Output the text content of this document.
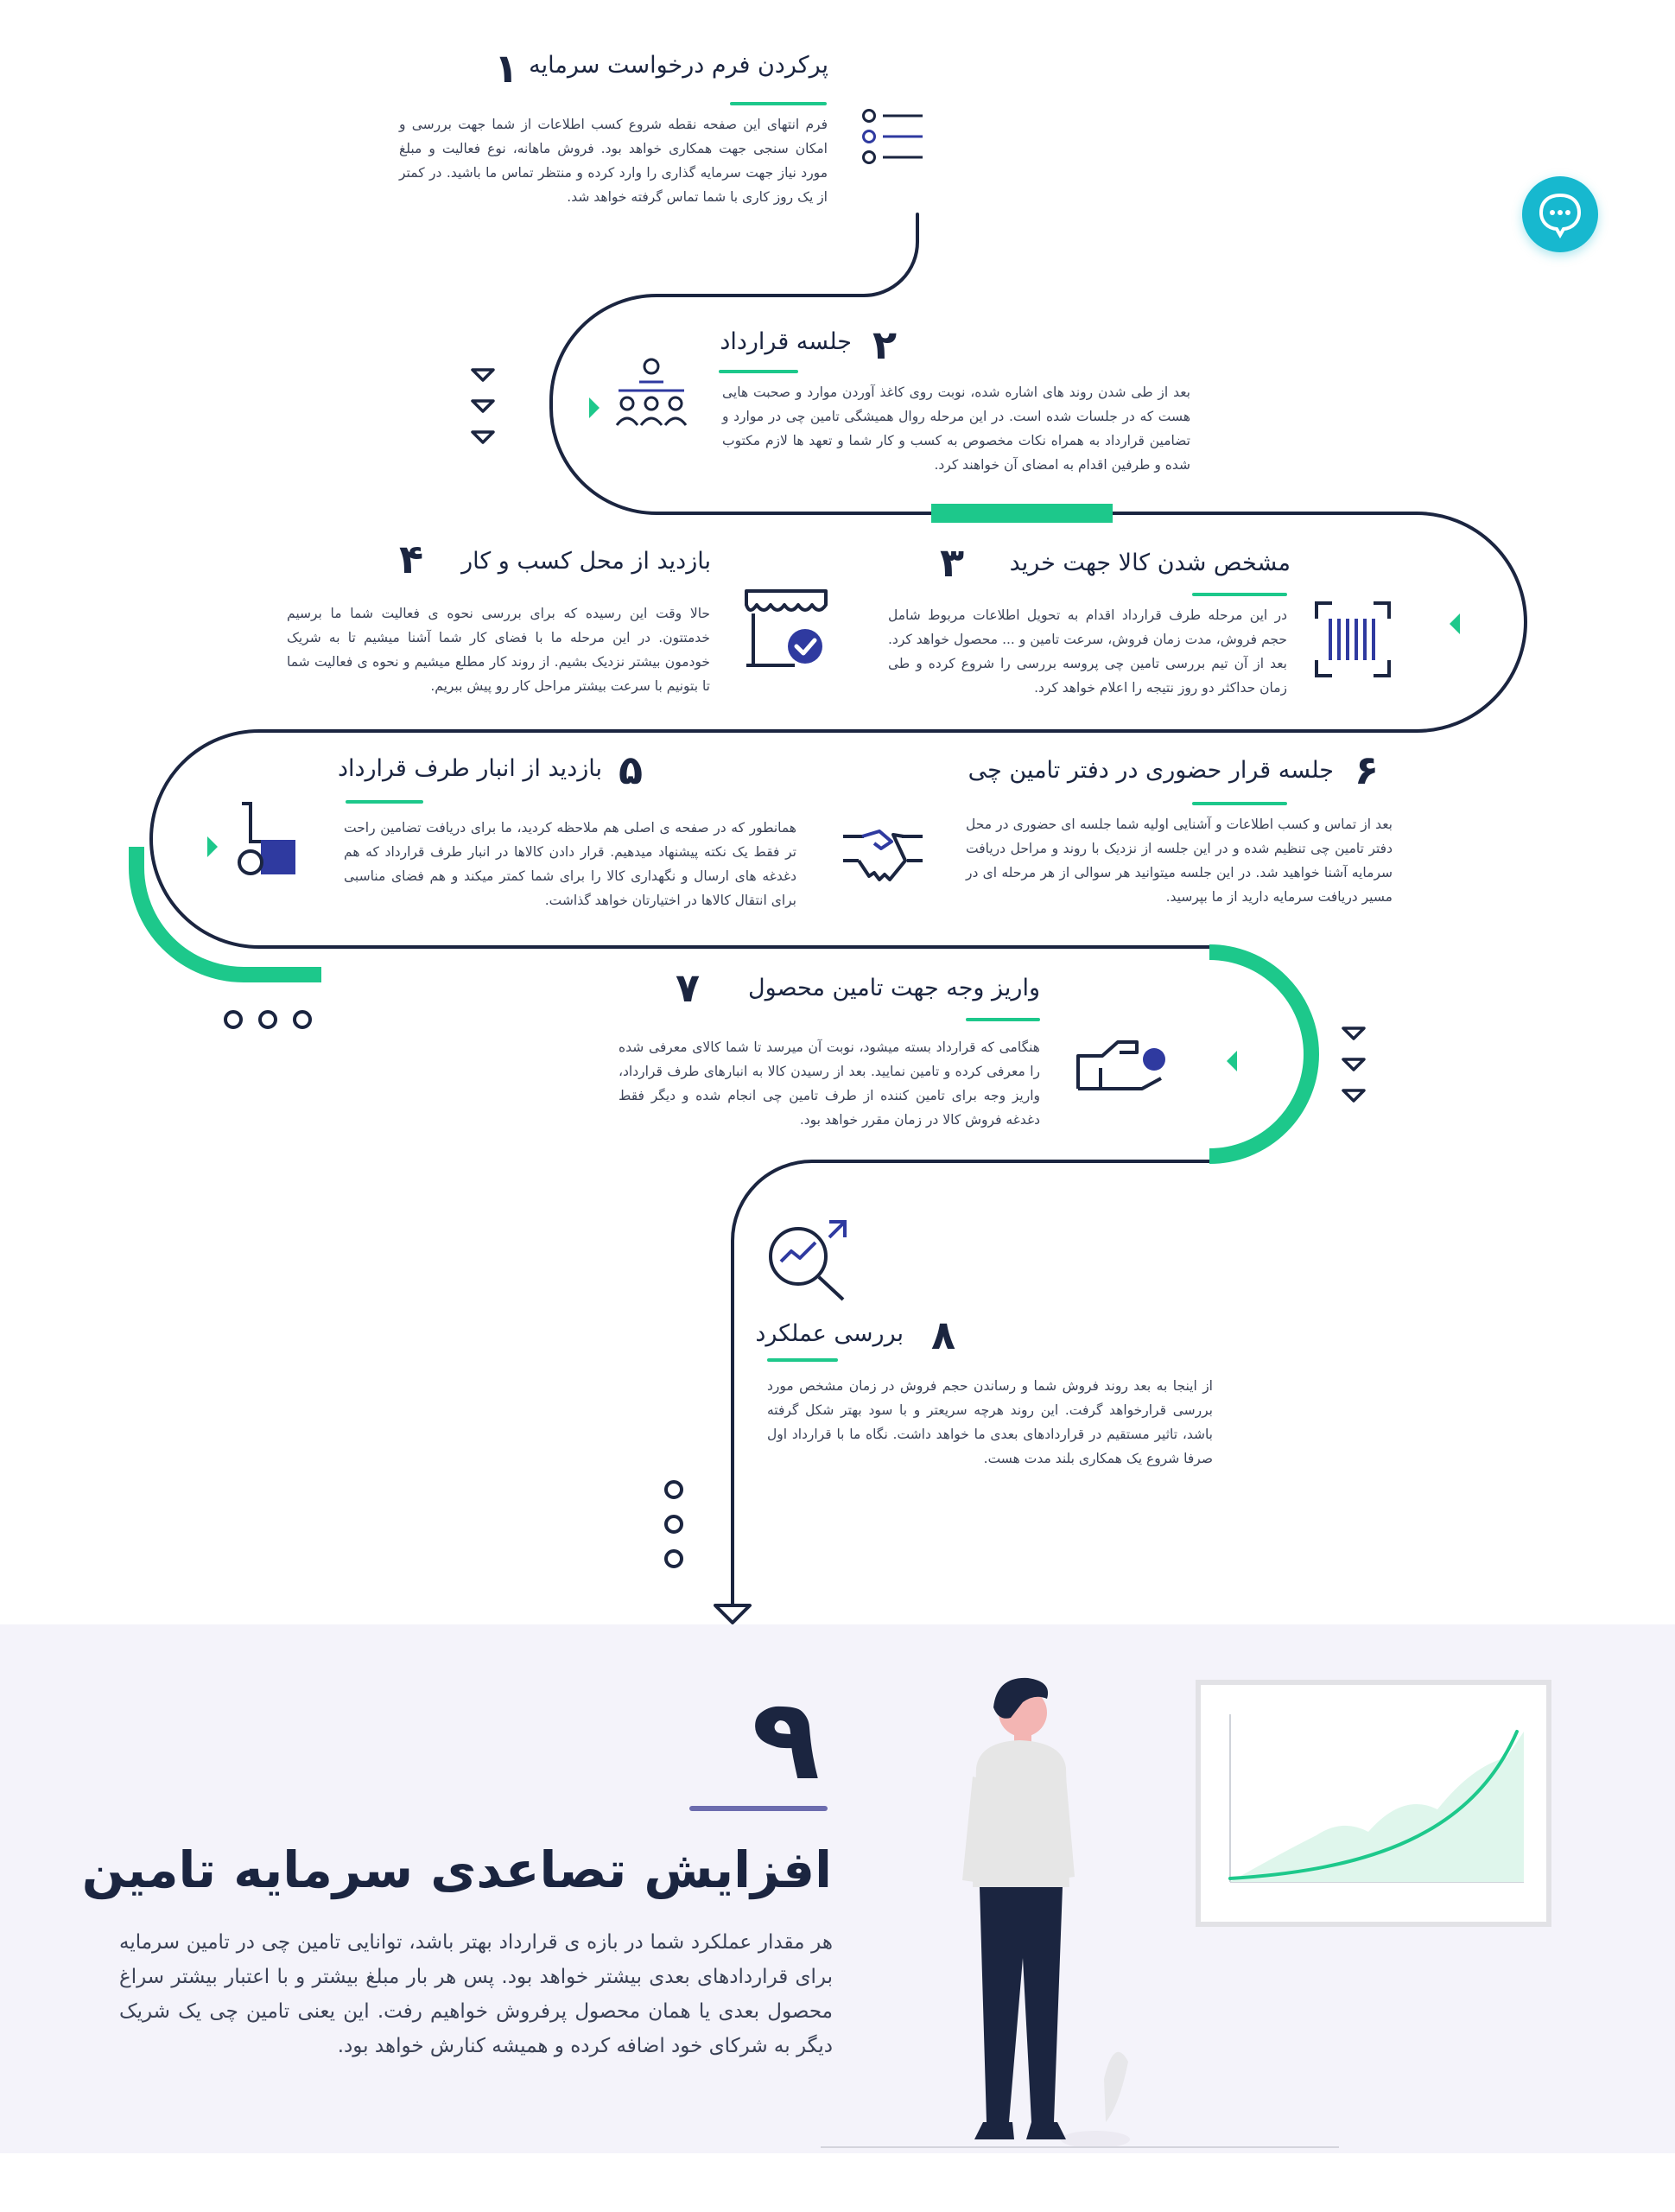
۱ پرکردن فرم درخواست سرمایه
فرم انتهای این صفحه نقطه شروع کسب اطلاعات از شما جهت بررسی و امکان سنجی جهت همکاری خواهد بود. فروش ماهانه، نوع فعالیت و مبلغ مورد نیاز جهت سرمایه گذاری را وارد کرده و منتظر تماس ما باشید. در کمتر از یک روز کاری با شما تماس گرفته خواهد شد.
۲
جلسه قرارداد
بعد از طی شدن روند های اشاره شده، نوبت روی کاغذ آوردن موارد و صحبت هایی هست که در جلسات شده است. در این مرحله روال همیشگی تامین چی در موارد و تضامین قرارداد به همراه نکات مخصوص به کسب و کار شما و تعهد ها لازم مکتوب شده و طرفین اقدام به امضای آن خواهند کرد.
۳ مشخص شدن کالا جهت خرید
در این مرحله طرف قرارداد اقدام به تحویل اطلاعات مربوط شامل حجم فروش، مدت زمان فروش، سرعت تامین و ... محصول خواهد کرد. بعد از آن تیم بررسی تامین چی پروسه بررسی را شروع کرده و طی زمان حداکثر دو روز نتیجه را اعلام خواهد کرد.
۴ بازدید از محل کسب و کار
حالا وقت این رسیده که برای بررسی نحوه ی فعالیت شما ما برسیم خدمتتون. در این مرحله ما با فضای کار شما آشنا میشیم تا به شریک خودمون بیشتر نزدیک بشیم. از روند کار مطلع میشیم و نحوه ی فعالیت شما تا بتونیم با سرعت بیشتر مراحل کار رو پیش ببریم.
۶
جلسه قرار حضوری در دفتر تامین چی
بعد از تماس و کسب اطلاعات و آشنایی اولیه شما جلسه ای حضوری در محل دفتر تامین چی تنظیم شده و در این جلسه از نزدیک با روند و مراحل دریافت سرمایه آشنا خواهید شد. در این جلسه میتوانید هر سوالی از هر مرحله ای در مسیر دریافت سرمایه دارید از ما بپرسید.
۵
بازدید از انبار طرف قرارداد
همانطور که در صفحه ی اصلی هم ملاحظه کردید، ما برای دریافت تضامین راحت تر فقط یک نکته پیشنهاد میدهیم. قرار دادن کالاها در انبار طرف قرارداد که هم دغدغه های ارسال و نگهداری کالا را برای شما کمتر میکند و هم فضای مناسبی برای انتقال کالاها در اختیارتان خواهد گذاشت.
۷ واریز وجه جهت تامین محصول
هنگامی که قرارداد بسته میشود، نوبت آن میرسد تا شما کالای معرفی شده را معرفی کرده و تامین نمایید. بعد از رسیدن کالا به انبارهای طرف قرارداد، واریز وجه برای تامین کننده از طرف تامین چی انجام شده و دیگر فقط دغدغه فروش کالا در زمان مقرر خواهد بود.
۸
بررسی عملکرد
از اینجا به بعد روند فروش شما و رساندن حجم فروش در زمان مشخص مورد بررسی قرارخواهد گرفت. این روند هرچه سریعتر و با سود بهتر شکل گرفته باشد، تاثیر مستقیم در قراردادهای بعدی ما خواهد داشت. نگاه ما با قرارداد اول صرفا شروع یک همکاری بلند مدت هست.
۹
افزایش تصاعدی سرمایه تامین
هر مقدار عملکرد شما در بازه ی قرارداد بهتر باشد، توانایی تامین چی در تامین سرمایه برای قراردادهای بعدی بیشتر خواهد بود. پس هر بار مبلغ بیشتر و با اعتبار بیشتر سراغ محصول بعدی یا همان محصول پرفروش خواهیم رفت. این یعنی تامین چی یک شریک دیگر به شرکای خود اضافه کرده و همیشه کنارش خواهد بود.
